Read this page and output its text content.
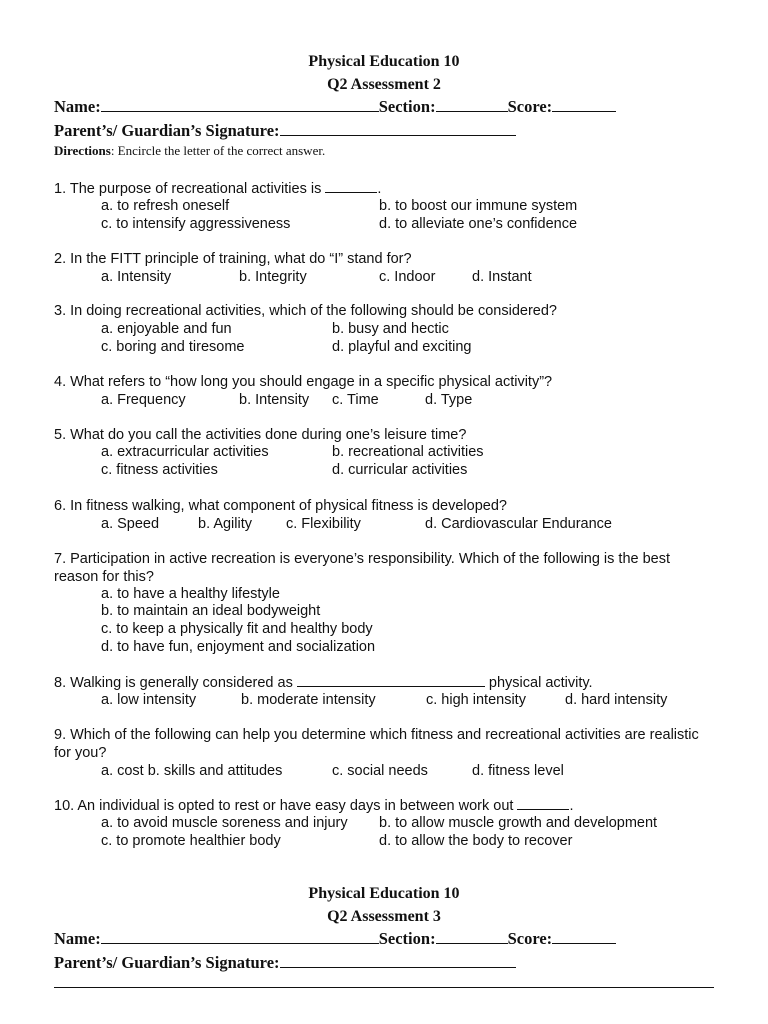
Physical Education 10
Q2 Assessment 2
Name:	Section:	Score:
Parent’s/ Guardian’s Signature:
Directions: Encircle the letter of the correct answer.
1. The purpose of recreational activities is	.
a. to refresh oneself	b. to boost our immune system
c. to intensify aggressiveness	d. to alleviate one’s confidence
2. In the FITT principle of training, what do “I” stand for?
a. Intensity	b. Integrity	c. Indoor	d. Instant
3. In doing recreational activities, which of the following should be considered?
a. enjoyable and fun	b. busy and hectic
c. boring and tiresome	d. playful and exciting
4. What refers to “how long you should engage in a specific physical activity”?
a. Frequency	b. Intensity c. Time	d. Type
5. What do you call the activities done during one’s leisure time?
a. extracurricular activities	b. recreational activities
c. fitness activities	d. curricular activities
6. In fitness walking, what component of physical fitness is developed?
a. Speed	b. Agility c. Flexibility	d. Cardiovascular Endurance
7. Participation in active recreation is everyone’s responsibility. Which of the following is the best reason for this?
a. to have a healthy lifestyle
b. to maintain an ideal bodyweight
c. to keep a physically fit and healthy body
d. to have fun, enjoyment and socialization
8. Walking is generally considered as	physical activity.
a. low intensity	b. moderate intensity	c. high intensity	d. hard intensity
9. Which of the following can help you determine which fitness and recreational activities are realistic for you?
a. cost b. skills and attitudes	c. social needs	d. fitness level
10. An individual is opted to rest or have easy days in between work out	.
a. to avoid muscle soreness and injury b. to allow muscle growth and development
c. to promote healthier body	d. to allow the body to recover
Physical Education 10
Q2 Assessment 3
Name:	Section:	Score:
Parent’s/ Guardian’s Signature:
